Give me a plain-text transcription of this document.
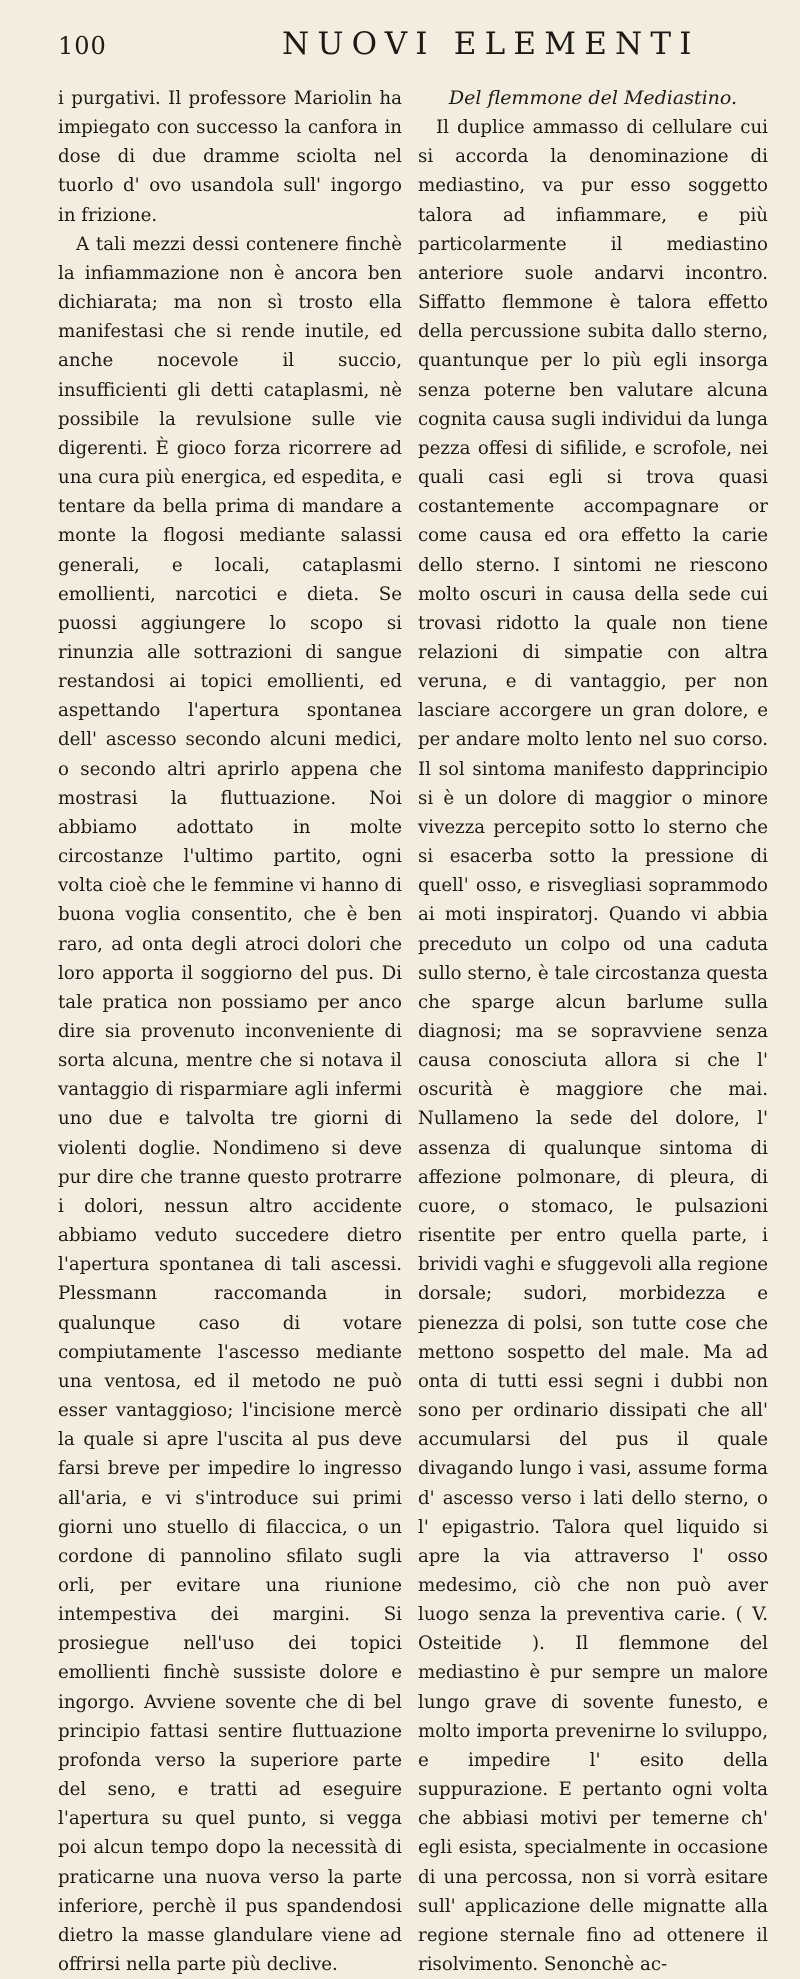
100	NUOVI ELEMENTI

i purgativi. Il professore Mariolin ha impiegato con successo la canfora in dose di due dramme sciolta nel tuorlo d' ovo usandola sull' ingorgo in frizione.

A tali mezzi dessi contenere finchè la infiammazione non è ancora ben dichiarata; ma non sì trosto ella manifestasi che si rende inutile, ed anche nocevole il succio, insufficienti gli detti cataplasmi, nè possibile la revulsione sulle vie digerenti. È gioco forza ricorrere ad una cura più energica, ed espedita, e tentare da bella prima di mandare a monte la flogosi mediante salassi generali, e locali, cataplasmi emollienti, narcotici e dieta. Se puossi aggiungere lo scopo si rinunzia alle sottrazioni di sangue restandosi ai topici emollienti, ed aspettando l'apertura spontanea dell' ascesso secondo alcuni medici, o secondo altri aprirlo appena che mostrasi la fluttuazione. Noi abbiamo adottato in molte circostanze l'ultimo partito, ogni volta cioè che le femmine vi hanno di buona voglia consentito, che è ben raro, ad onta degli atroci dolori che loro apporta il soggiorno del pus. Di tale pratica non possiamo per anco dire sia provenuto inconveniente di sorta alcuna, mentre che si notava il vantaggio di risparmiare agli infermi uno due e talvolta tre giorni di violenti doglie. Nondimeno si deve pur dire che tranne questo protrarre i dolori, nessun altro accidente abbiamo veduto succedere dietro l'apertura spontanea di tali ascessi. Plessmann raccomanda in qualunque caso di votare compiutamente l'ascesso mediante una ventosa, ed il metodo ne può esser vantaggioso; l'incisione mercè la quale si apre l'uscita al pus deve farsi breve per impedire lo ingresso all'aria, e vi s'introduce sui primi giorni uno stuello di filaccica, o un cordone di pannolino sfilato sugli orli, per evitare una riunione intempestiva dei margini. Si prosiegue nell'uso dei topici emollienti finchè sussiste dolore e ingorgo. Avviene sovente che di bel principio fattasi sentire fluttuazione profonda verso la superiore parte del seno, e tratti ad eseguire l'apertura su quel punto, si vegga poi alcun tempo dopo la necessità di praticarne una nuova verso la parte inferiore, perchè il pus spandendosi dietro la masse glandulare viene ad offrirsi nella parte più declive.

Del flemmone del Mediastino.

Il duplice ammasso di cellulare cui si accorda la denominazione di mediastino, va pur esso soggetto talora ad infiammare, e più particolarmente il mediastino anteriore suole andarvi incontro. Siffatto flemmone è talora effetto della percussione subita dallo sterno, quantunque per lo più egli insorga senza poterne ben valutare alcuna cognita causa sugli individui da lunga pezza offesi di sifilide, e scrofole, nei quali casi egli si trova quasi costantemente accompagnare or come causa ed ora effetto la carie dello sterno. I sintomi ne riescono molto oscuri in causa della sede cui trovasi ridotto la quale non tiene relazioni di simpatie con altra veruna, e di vantaggio, per non lasciare accorgere un gran dolore, e per andare molto lento nel suo corso. Il sol sintoma manifesto dapprincipio si è un dolore di maggior o minore vivezza percepito sotto lo sterno che si esacerba sotto la pressione di quell' osso, e risvegliasi soprammodo ai moti inspiratorj. Quando vi abbia preceduto un colpo od una caduta sullo sterno, è tale circostanza questa che sparge alcun barlume sulla diagnosi; ma se sopravviene senza causa conosciuta allora si che l' oscurità è maggiore che mai. Nullameno la sede del dolore, l' assenza di qualunque sintoma di affezione polmonare, di pleura, di cuore, o stomaco, le pulsazioni risentite per entro quella parte, i brividi vaghi e sfuggevoli alla regione dorsale; sudori, morbidezza e pienezza di polsi, son tutte cose che mettono sospetto del male. Ma ad onta di tutti essi segni i dubbi non sono per ordinario dissipati che all' accumularsi del pus il quale divagando lungo i vasi, assume forma d' ascesso verso i lati dello sterno, o l' epigastrio. Talora quel liquido si apre la via attraverso l' osso medesimo, ciò che non può aver luogo senza la preventiva carie. ( V. Osteitide ). Il flemmone del mediastino è pur sempre un malore lungo grave di sovente funesto, e molto importa prevenirne lo sviluppo, e impedire l' esito della suppurazione. E pertanto ogni volta che abbiasi motivi per temerne ch' egli esista, specialmente in occasione di una percossa, non si vorrà esitare sull' applicazione delle mignatte alla regione sternale fino ad ottenere il risolvimento. Senonchè ac-
